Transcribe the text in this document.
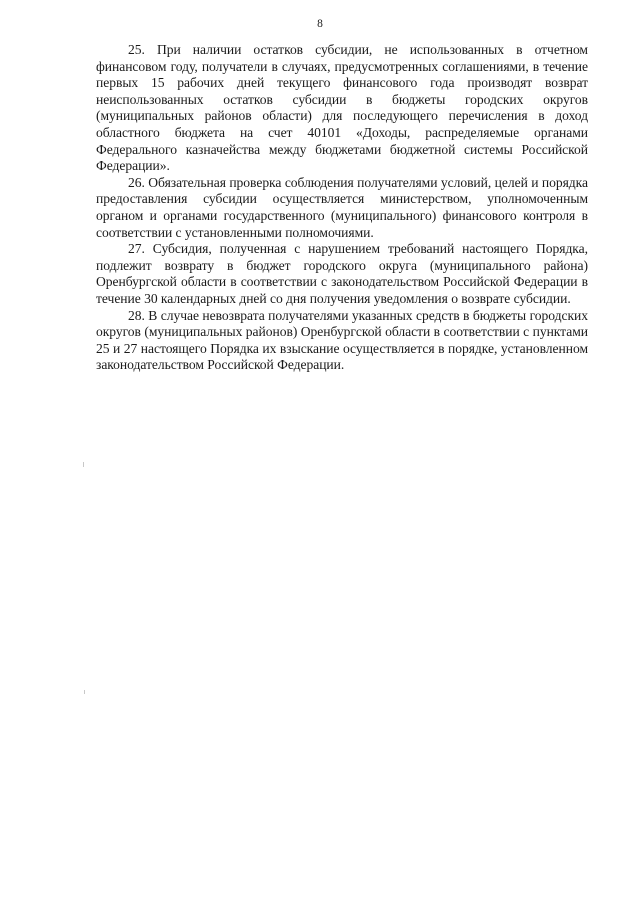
8

25. При наличии остатков субсидии, не использованных в отчетном финансовом году, получатели в случаях, предусмотренных соглашениями, в течение первых 15 рабочих дней текущего финансового года производят возврат неиспользованных остатков субсидии в бюджеты городских округов (муниципальных районов области) для последующего перечисления в доход областного бюджета на счет 40101 «Доходы, распределяемые органами Федерального казначейства между бюджетами бюджетной системы Российской Федерации».

26. Обязательная проверка соблюдения получателями условий, целей и порядка предоставления субсидии осуществляется министерством, уполномоченным органом и органами государственного (муниципального) финансового контроля в соответствии с установленными полномочиями.

27. Субсидия, полученная с нарушением требований настоящего Порядка, подлежит возврату в бюджет городского округа (муниципального района) Оренбургской области в соответствии с законодательством Российской Федерации в течение 30 календарных дней со дня получения уведомления о возврате субсидии.

28. В случае невозврата получателями указанных средств в бюджеты городских округов (муниципальных районов) Оренбургской области в соответствии с пунктами 25 и 27 настоящего Порядка их взыскание осуществляется в порядке, установленном законодательством Российской Федерации.
